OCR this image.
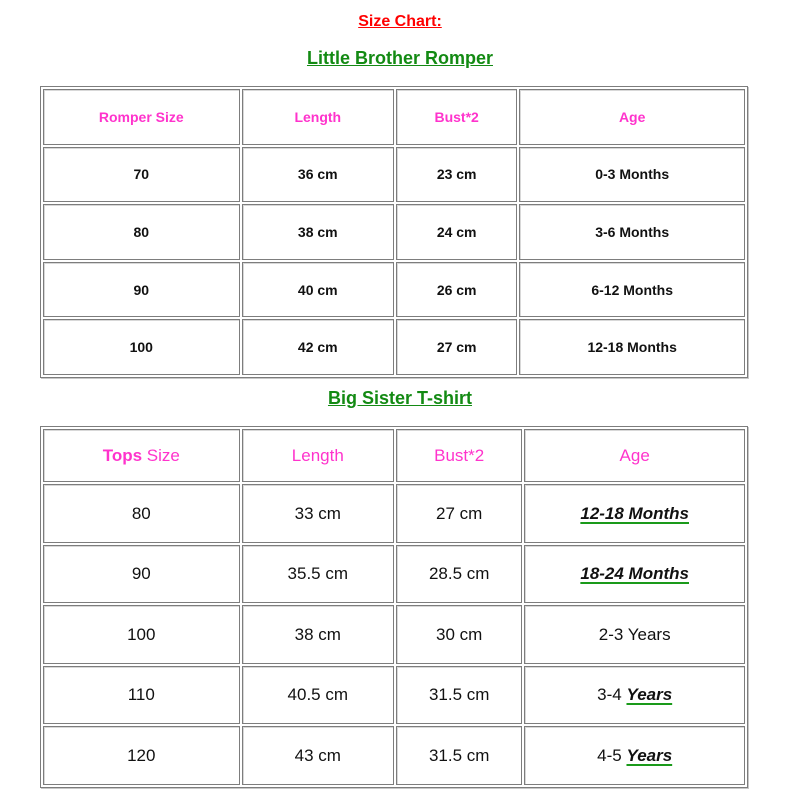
Size Chart:
Little Brother Romper
Romper Size	Length	Bust*2	Age
70	36 cm	23 cm	0-3 Months
80	38 cm	24 cm	3-6 Months
90	40 cm	26 cm	6-12 Months
100	42 cm	27 cm	12-18 Months
Big Sister T-shirt
Tops Size	Length	Bust*2	Age
80	33 cm	27 cm	12-18 Months
90	35.5 cm	28.5 cm	18-24 Months
100	38 cm	30 cm	2-3 Years
110	40.5 cm	31.5 cm	3-4 Years
120	43 cm	31.5 cm	4-5 Years
